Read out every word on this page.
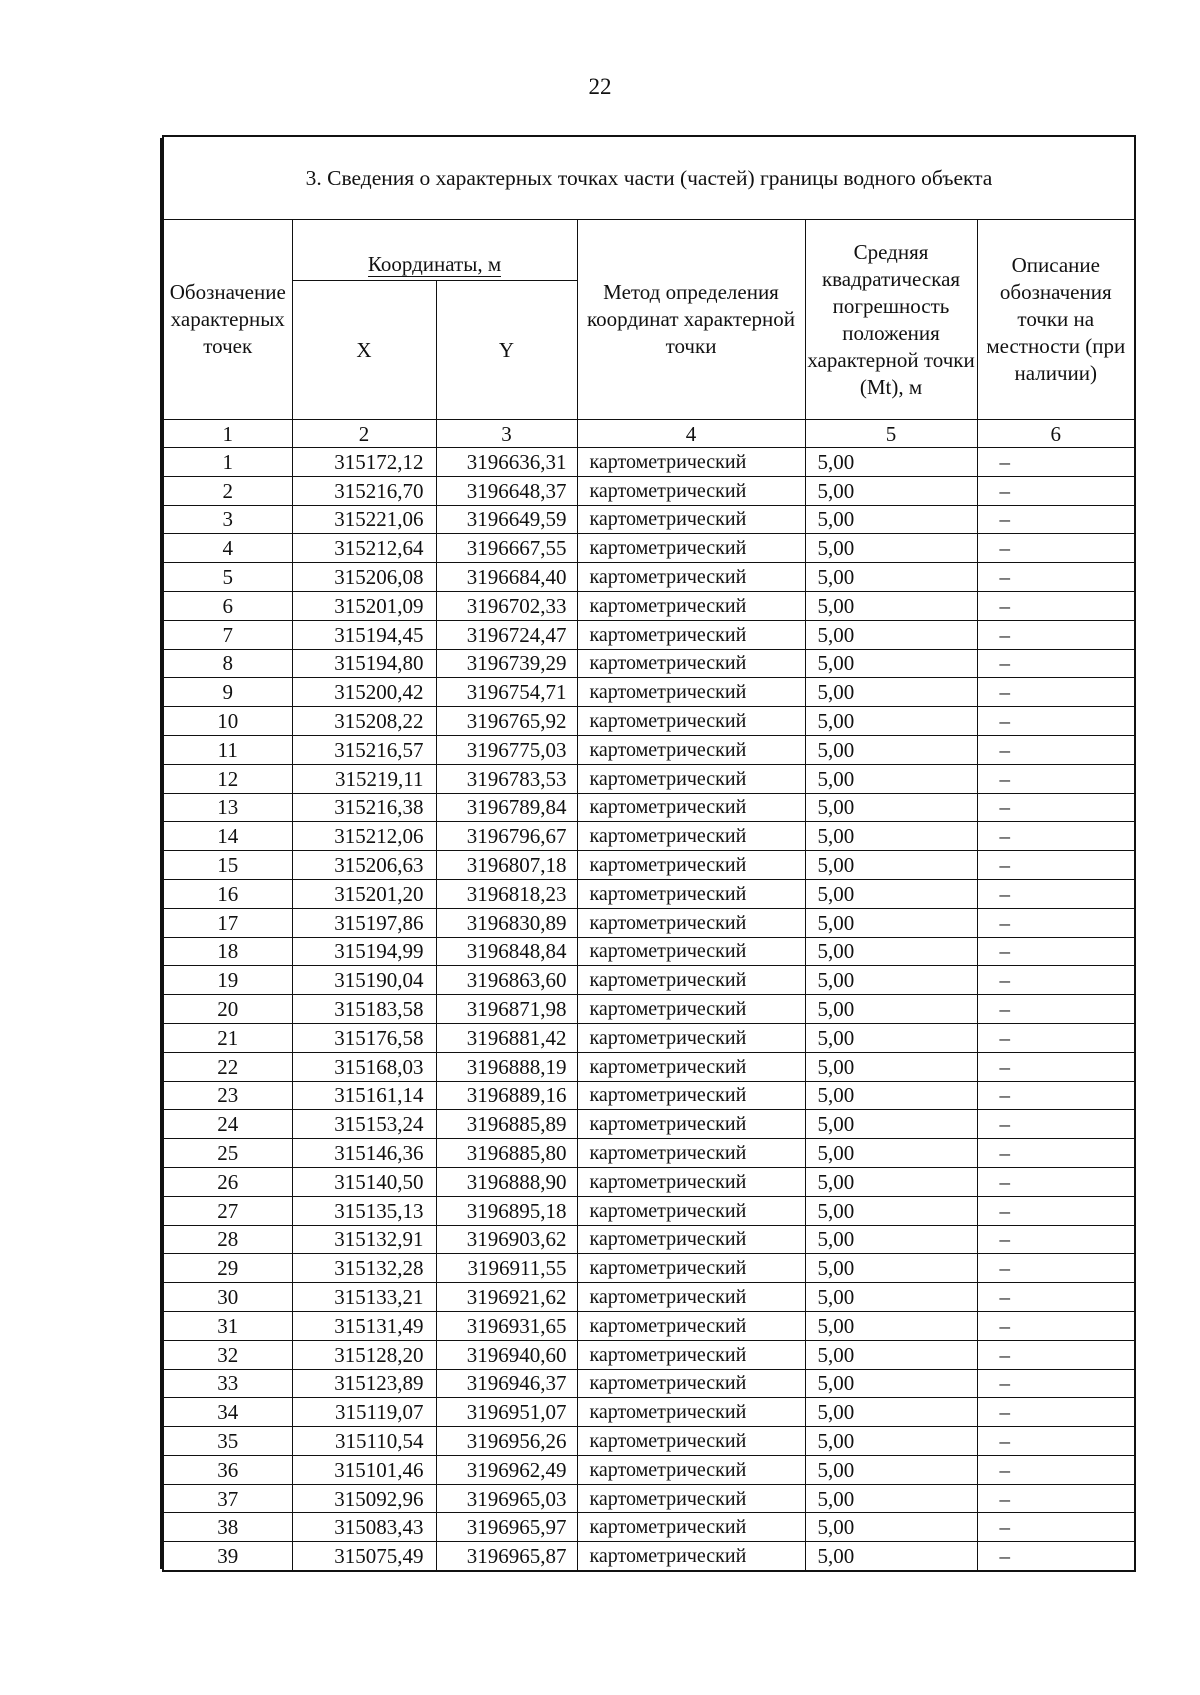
22
3. Сведения о характерных точках части (частей) границы водного объекта
Обозначение характерных точек	Координаты, м		Метод определения координат характерной точки	Средняя квадратическая погрешность положения характерной точки (Mt), м	Описание обозначения точки на местности (при наличии)
	X	Y			
1	2	3	4	5	6
1	315172,12	3196636,31	картометрический	5,00	–
2	315216,70	3196648,37	картометрический	5,00	–
3	315221,06	3196649,59	картометрический	5,00	–
4	315212,64	3196667,55	картометрический	5,00	–
5	315206,08	3196684,40	картометрический	5,00	–
6	315201,09	3196702,33	картометрический	5,00	–
7	315194,45	3196724,47	картометрический	5,00	–
8	315194,80	3196739,29	картометрический	5,00	–
9	315200,42	3196754,71	картометрический	5,00	–
10	315208,22	3196765,92	картометрический	5,00	–
11	315216,57	3196775,03	картометрический	5,00	–
12	315219,11	3196783,53	картометрический	5,00	–
13	315216,38	3196789,84	картометрический	5,00	–
14	315212,06	3196796,67	картометрический	5,00	–
15	315206,63	3196807,18	картометрический	5,00	–
16	315201,20	3196818,23	картометрический	5,00	–
17	315197,86	3196830,89	картометрический	5,00	–
18	315194,99	3196848,84	картометрический	5,00	–
19	315190,04	3196863,60	картометрический	5,00	–
20	315183,58	3196871,98	картометрический	5,00	–
21	315176,58	3196881,42	картометрический	5,00	–
22	315168,03	3196888,19	картометрический	5,00	–
23	315161,14	3196889,16	картометрический	5,00	–
24	315153,24	3196885,89	картометрический	5,00	–
25	315146,36	3196885,80	картометрический	5,00	–
26	315140,50	3196888,90	картометрический	5,00	–
27	315135,13	3196895,18	картометрический	5,00	–
28	315132,91	3196903,62	картометрический	5,00	–
29	315132,28	3196911,55	картометрический	5,00	–
30	315133,21	3196921,62	картометрический	5,00	–
31	315131,49	3196931,65	картометрический	5,00	–
32	315128,20	3196940,60	картометрический	5,00	–
33	315123,89	3196946,37	картометрический	5,00	–
34	315119,07	3196951,07	картометрический	5,00	–
35	315110,54	3196956,26	картометрический	5,00	–
36	315101,46	3196962,49	картометрический	5,00	–
37	315092,96	3196965,03	картометрический	5,00	–
38	315083,43	3196965,97	картометрический	5,00	–
39	315075,49	3196965,87	картометрический	5,00	–
